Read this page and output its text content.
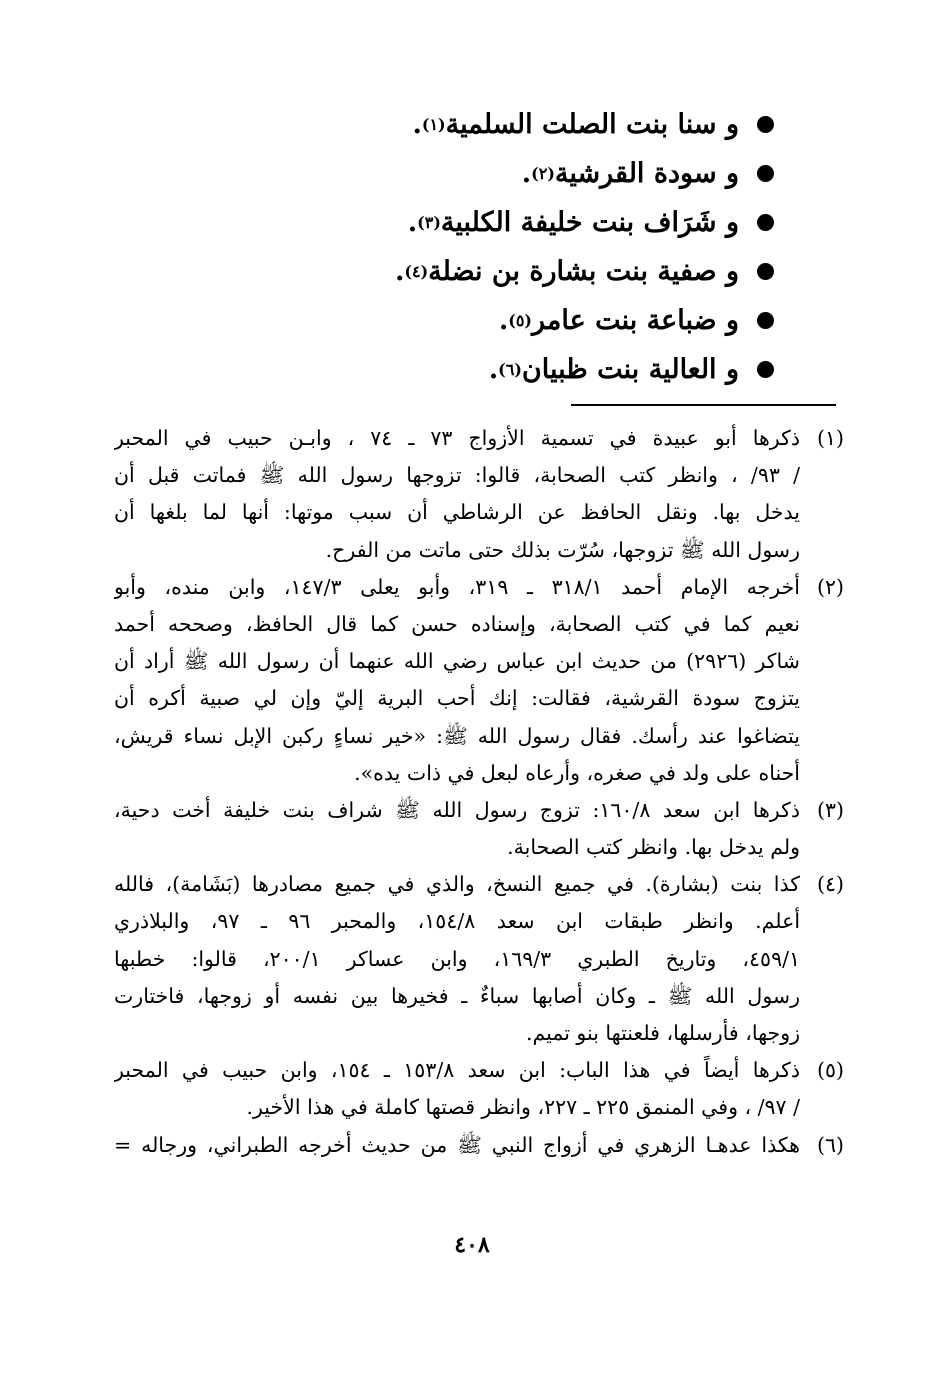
و سنا بنت الصلت السلمية
(١)
.
و سودة القرشية
(٢)
.
و شَرَاف بنت خليفة الكلبية
(٣)
.
و صفية بنت بشارة بن نضلة
(٤)
.
و ضباعة بنت عامر
(٥)
.
و العالية بنت ظبيان
(٦)
.
(١)
ذكرها أبو عبيدة في تسمية الأزواج ٧٣ ـ ٧٤ ، وابـن حبيب في المحبر
/ ٩٣/ ، وانظر كتب الصحابة، قالوا: تزوجها رسول الله ﷺ فماتت قبل أن
يدخل بها. ونقل الحافظ عن الرشاطي أن سبب موتها: أنها لما بلغها أن
رسول الله ﷺ تزوجها، سُرّت بذلك حتى ماتت من الفرح.
(٢)
أخرجه الإمام أحمد ٣١٨/١ ـ ٣١٩، وأبو يعلى ١٤٧/٣، وابن منده، وأبو
نعيم كما في كتب الصحابة، وإسناده حسن كما قال الحافظ، وصححه أحمد
شاكر (٢٩٢٦) من حديث ابن عباس رضي الله عنهما أن رسول الله ﷺ أراد أن
يتزوج سودة القرشية، فقالت: إنك أحب البرية إليّ وإن لي صبية أكره أن
يتضاغوا عند رأسك. فقال رسول الله ﷺ: «خير نساءٍ ركبن الإبل نساء قريش،
أحناه على ولد في صغره، وأرعاه لبعل في ذات يده».
(٣)
ذكرها ابن سعد ١٦٠/٨: تزوج رسول الله ﷺ شراف بنت خليفة أخت دحية،
ولم يدخل بها. وانظر كتب الصحابة.
(٤)
كذا بنت (بشارة). في جميع النسخ، والذي في جميع مصادرها (بَشَامة)، فالله
أعلم. وانظر طبقات ابن سعد ١٥٤/٨، والمحبر ٩٦ ـ ٩٧، والبلاذري
٤٥٩/١، وتاريخ الطبري ١٦٩/٣، وابن عساكر ٢٠٠/١، قالوا: خطبها
رسول الله ﷺ ـ وكان أصابها سباءٌ ـ فخيرها بين نفسه أو زوجها، فاختارت
زوجها، فأرسلها، فلعنتها بنو تميم.
(٥)
ذكرها أيضاً في هذا الباب: ابن سعد ١٥٣/٨ ـ ١٥٤، وابن حبيب في المحبر
/ ٩٧/ ، وفي المنمق ٢٢٥ ـ ٢٢٧، وانظر قصتها كاملة في هذا الأخير.
(٦)
هكذا عدهـا الزهري في أزواج النبي ﷺ من حديث أخرجه الطبراني، ورجاله =
٤٠٨
